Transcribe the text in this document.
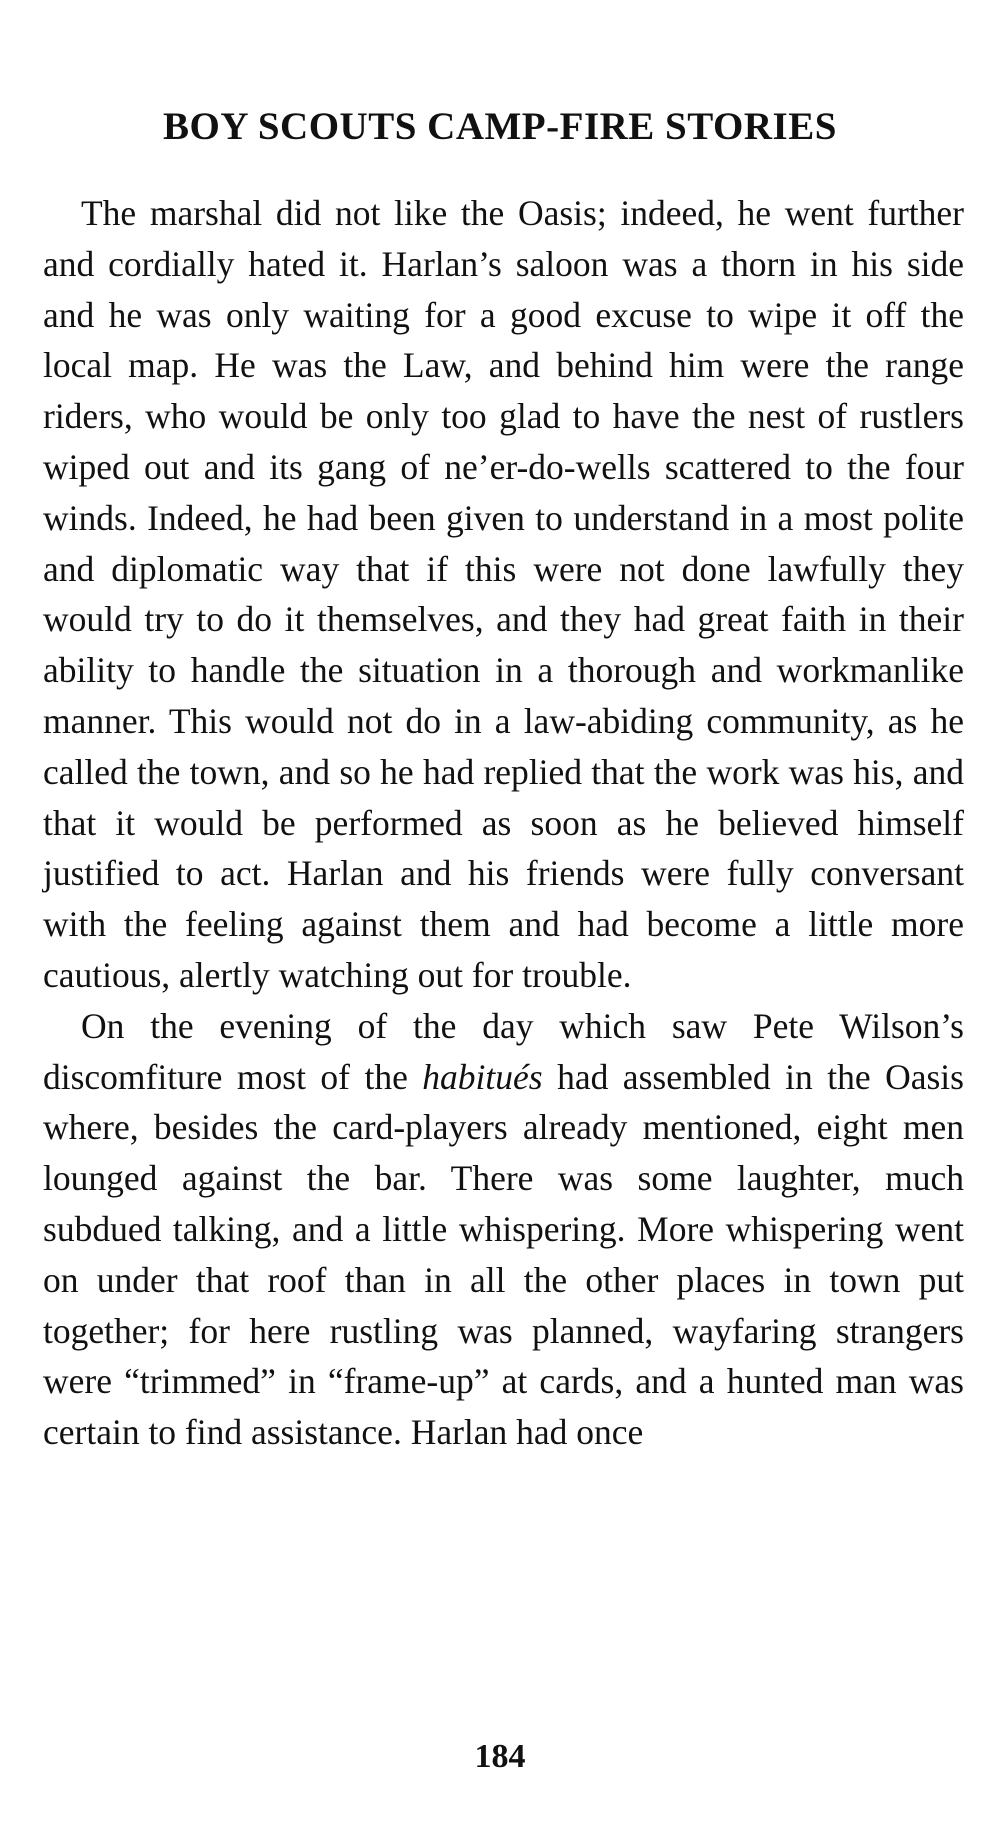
BOY SCOUTS CAMP-FIRE STORIES

The marshal did not like the Oasis; indeed, he went further and cordially hated it. Harlan’s saloon was a thorn in his side and he was only waiting for a good excuse to wipe it off the local map. He was the Law, and behind him were the range riders, who would be only too glad to have the nest of rustlers wiped out and its gang of ne’er-do-wells scattered to the four winds. Indeed, he had been given to understand in a most polite and diplomatic way that if this were not done lawfully they would try to do it themselves, and they had great faith in their ability to handle the situation in a thorough and workmanlike manner. This would not do in a law-abiding community, as he called the town, and so he had replied that the work was his, and that it would be performed as soon as he believed himself justified to act. Harlan and his friends were fully conversant with the feeling against them and had become a little more cautious, alertly watching out for trouble.

On the evening of the day which saw Pete Wilson’s discomfiture most of the habitués had assembled in the Oasis where, besides the card-players already mentioned, eight men lounged against the bar. There was some laughter, much subdued talking, and a little whispering. More whispering went on under that roof than in all the other places in town put together; for here rustling was planned, wayfaring strangers were “trimmed” in “frame-up” at cards, and a hunted man was certain to find assistance. Harlan had once

184
